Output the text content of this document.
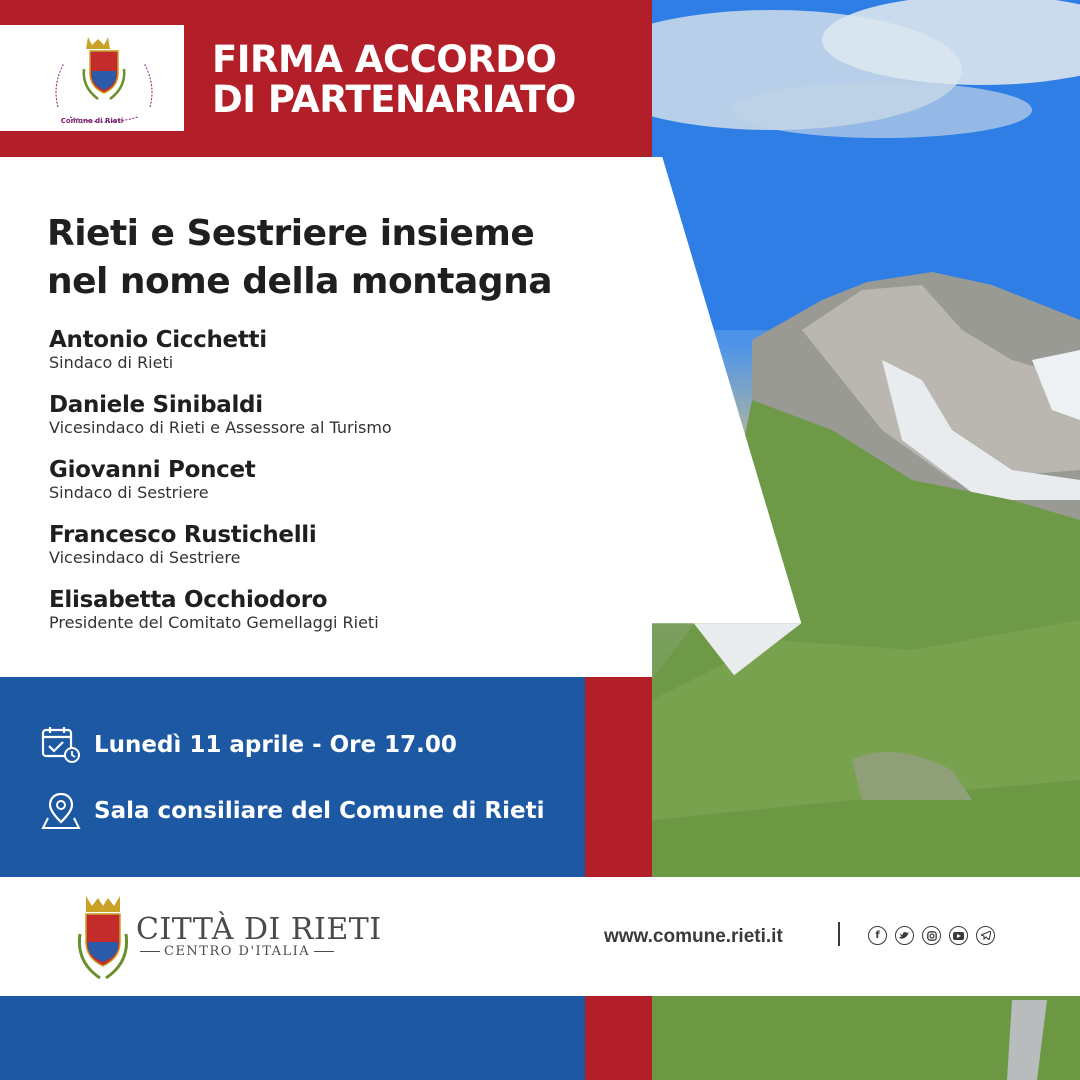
Comune di Rieti
FIRMA ACCORDO
DI PARTENARIATO
Rieti e Sestriere insieme
nel nome della montagna
Antonio Cicchetti
Sindaco di Rieti
Daniele Sinibaldi
Vicesindaco di Rieti e Assessore al Turismo
Giovanni Poncet
Sindaco di Sestriere
Francesco Rustichelli
Vicesindaco di Sestriere
Elisabetta Occhiodoro
Presidente del Comitato Gemellaggi Rieti
Lunedì 11 aprile - Ore 17.00
Sala consiliare del Comune di Rieti
CITTÀ DI RIETI
CENTRO D'ITALIA
www.comune.rieti.it	f
